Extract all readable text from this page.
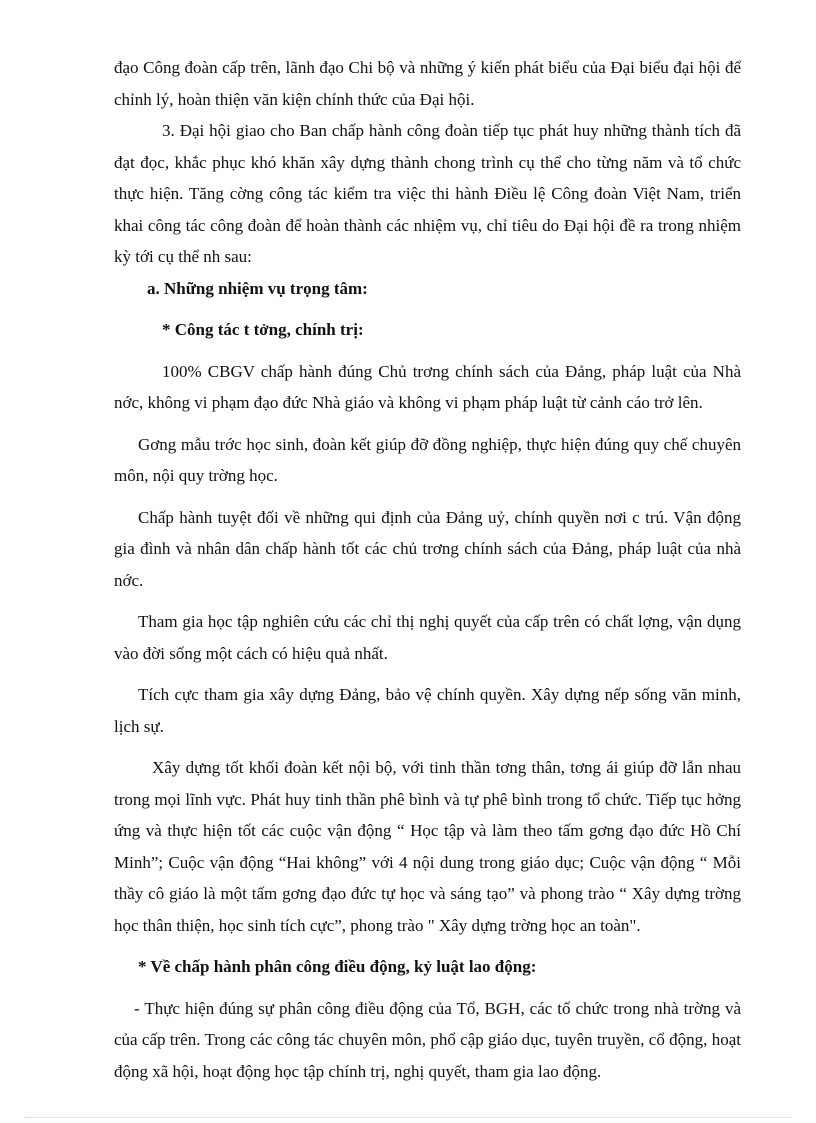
đạo Công đoàn cấp trên, lãnh đạo Chi bộ và những ý kiến phát biểu của Đại biểu đại hội để chỉnh lý, hoàn thiện văn kiện chính thức của Đại hội.

3. Đại hội giao cho Ban chấp hành công đoàn tiếp tục phát huy những thành tích đã đạt đọc, khắc phục khó khăn xây dựng thành chong trình cụ thể cho từng năm và tổ chức thực hiện. Tăng cờng công tác kiểm tra việc thi hành Điều lệ Công đoàn Việt Nam, triển khai công tác công đoàn để hoàn thành các nhiệm vụ, chỉ tiêu do Đại hội đề ra trong nhiệm kỳ tới cụ thể nh sau:

a. Những nhiệm vụ trọng tâm:

* Công tác t tởng, chính trị:

100% CBGV chấp hành đúng Chủ trơng chính sách của Đảng, pháp luật của Nhà nớc, không vi phạm đạo đức Nhà giáo và không vi phạm pháp luật từ cảnh cáo trở lên.

Gơng mẫu trớc học sinh, đoàn kết giúp đỡ đồng nghiệp, thực hiện đúng quy chế chuyên môn, nội quy trờng học.

Chấp hành tuyệt đối về những qui định của Đảng uỷ, chính quyền nơi c trú. Vận động gia đình và nhân dân chấp hành tốt các chủ trơng chính sách của Đảng, pháp luật của nhà nớc.

Tham gia học tập nghiên cứu các chỉ thị nghị quyết của cấp trên có chất lợng, vận dụng vào đời sống một cách có hiệu quả nhất.

Tích cực tham gia xây dựng Đảng, bảo vệ chính quyền. Xây dựng nếp sống văn minh, lịch sự.

Xây dựng tốt khối đoàn kết nội bộ, với tinh thần tơng thân, tơng ái giúp đỡ lẫn nhau trong mọi lĩnh vực. Phát huy tinh thần phê bình và tự phê bình trong tổ chức. Tiếp tục hởng ứng và thực hiện tốt các cuộc vận động “ Học tập và làm theo tấm gơng đạo đức Hồ Chí Minh”; Cuộc vận động “Hai không” với 4 nội dung trong giáo dục; Cuộc vận động “ Mỗi thầy cô giáo là một tấm gơng đạo đức tự học và sáng tạo” và phong trào “ Xây dựng trờng học thân thiện, học sinh tích cực”, phong trào " Xây dựng trờng học an toàn".

* Về chấp hành phân công điều động, kỷ luật lao động:

- Thực hiện đúng sự phân công điều động của Tổ, BGH, các tổ chức trong nhà trờng và của cấp trên. Trong các công tác chuyên môn, phổ cập giáo dục, tuyên truyền, cổ động, hoạt động xã hội, hoạt động học tập chính trị, nghị quyết, tham gia lao động.
